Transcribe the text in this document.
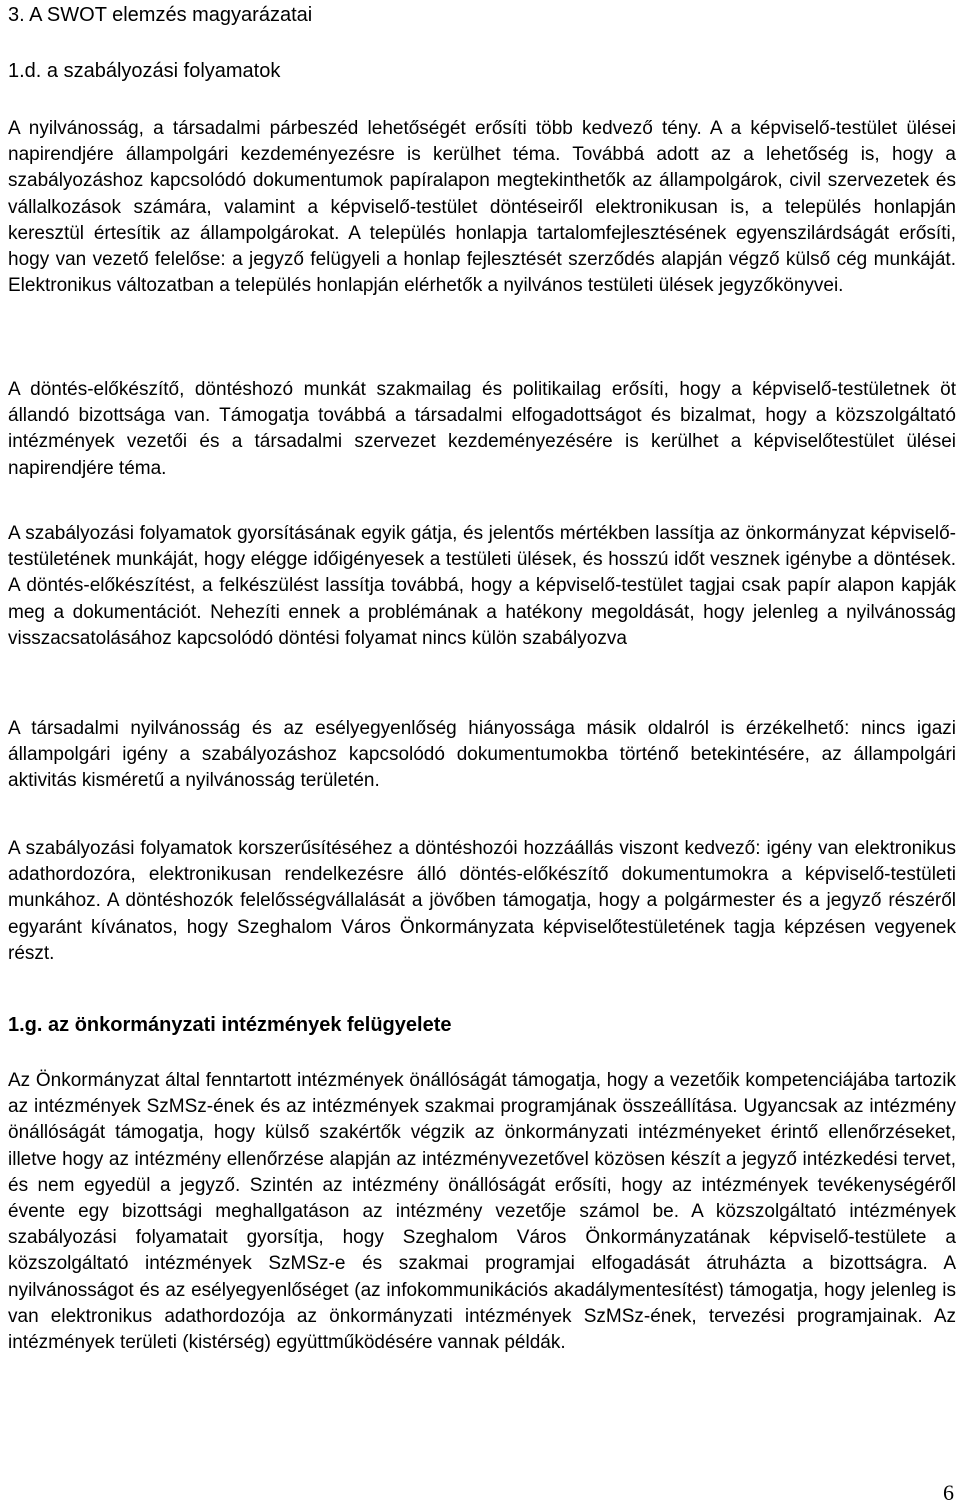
3. A SWOT elemzés magyarázatai
1.d. a szabályozási folyamatok

A nyilvánosság, a társadalmi párbeszéd lehetőségét erősíti több kedvező tény. A a képviselő-testület ülései napirendjére állampolgári kezdeményezésre is kerülhet téma. Továbbá adott az a lehetőség is, hogy a szabályozáshoz kapcsolódó dokumentumok papíralapon megtekinthetők az állampolgárok, civil szervezetek és vállalkozások számára, valamint a képviselő-testület döntéseiről elektronikusan is, a település honlapján keresztül értesítik az állampolgárokat. A település honlapja tartalomfejlesztésének egyenszilárdságát erősíti, hogy van vezető felelőse: a jegyző felügyeli a honlap fejlesztését szerződés alapján végző külső cég munkáját. Elektronikus változatban a település honlapján elérhetők a nyilvános testületi ülések jegyzőkönyvei.

A döntés-előkészítő, döntéshozó munkát szakmailag és politikailag erősíti, hogy a képviselő-testületnek öt állandó bizottsága van. Támogatja továbbá a társadalmi elfogadottságot és bizalmat, hogy a közszolgáltató intézmények vezetői és a társadalmi szervezet kezdeményezésére is kerülhet a képviselőtestület ülései napirendjére téma.

A szabályozási folyamatok gyorsításának egyik gátja, és jelentős mértékben lassítja az önkormányzat képviselő-testületének munkáját, hogy elégge időigényesek a testületi ülések, és hosszú időt vesznek igénybe a döntések. A döntés-előkészítést, a felkészülést lassítja továbbá, hogy a képviselő-testület tagjai csak papír alapon kapják meg a dokumentációt. Nehezíti ennek a problémának a hatékony megoldását, hogy jelenleg a nyilvánosság visszacsatolásához kapcsolódó döntési folyamat nincs külön szabályozva

A társadalmi nyilvánosság és az esélyegyenlőség hiányossága másik oldalról is érzékelhető: nincs igazi állampolgári igény a szabályozáshoz kapcsolódó dokumentumokba történő betekintésére, az állampolgári aktivitás kisméretű a nyilvánosság területén.

A szabályozási folyamatok korszerűsítéséhez a döntéshozói hozzáállás viszont kedvező: igény van elektronikus adathordozóra, elektronikusan rendelkezésre álló döntés-előkészítő dokumentumokra a képviselő-testületi munkához. A döntéshozók felelősségvállalását a jövőben támogatja, hogy a polgármester és a jegyző részéről egyaránt kívánatos, hogy Szeghalom Város Önkormányzata képviselőtestületének tagja képzésen vegyenek részt.

1.g. az önkormányzati intézmények felügyelete

Az Önkormányzat által fenntartott intézmények önállóságát támogatja, hogy a vezetőik kompetenciájába tartozik az intézmények SzMSz-ének és az intézmények szakmai programjának összeállítása. Ugyancsak az intézmény önállóságát támogatja, hogy külső szakértők végzik az önkormányzati intézményeket érintő ellenőrzéseket, illetve hogy az intézmény ellenőrzése alapján az intézményvezetővel közösen készít a jegyző intézkedési tervet, és nem egyedül a jegyző. Szintén az intézmény önállóságát erősíti, hogy az intézmények tevékenységéről évente egy bizottsági meghallgatáson az intézmény vezetője számol be. A közszolgáltató intézmények szabályozási folyamatait gyorsítja, hogy Szeghalom Város Önkormányzatának képviselő-testülete a közszolgáltató intézmények SzMSz-e és szakmai programjai elfogadását átruházta a bizottságra. A nyilvánosságot és az esélyegyenlőséget (az infokommunikációs akadálymentesítést) támogatja, hogy jelenleg is van elektronikus adathordozója az önkormányzati intézmények SzMSz-ének, tervezési programjainak. Az intézmények területi (kistérség) együttműködésére vannak példák.

6
